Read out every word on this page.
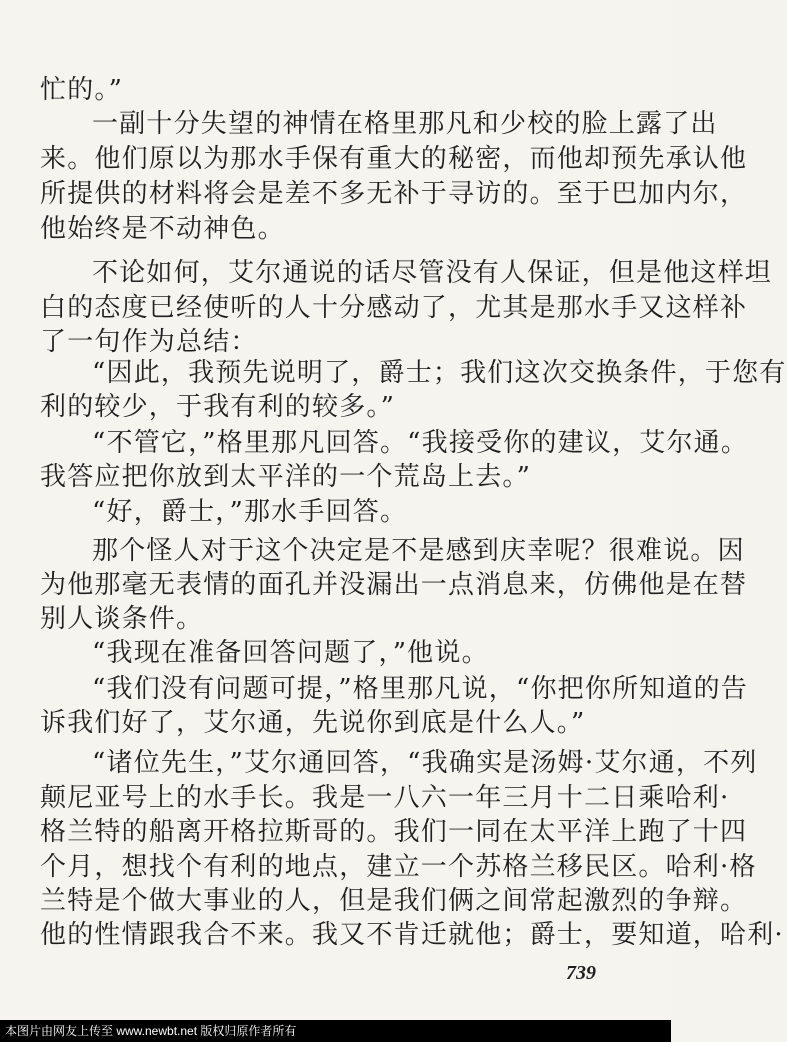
忙的。”
一副十分失望的神情在格里那凡和少校的脸上露了出
来。他们原以为那水手保有重大的秘密，而他却预先承认他
所提供的材料将会是差不多无补于寻访的。至于巴加内尔，
他始终是不动神色。
不论如何，艾尔通说的话尽管没有人保证，但是他这样坦
白的态度已经使听的人十分感动了，尤其是那水手又这样补
了一句作为总结：
“因此，我预先说明了，爵士；我们这次交换条件，于您有
利的较少，于我有利的较多。”
“不管它，”格里那凡回答。“我接受你的建议，艾尔通。
我答应把你放到太平洋的一个荒岛上去。”
“好，爵士，”那水手回答。
那个怪人对于这个决定是不是感到庆幸呢？很难说。因
为他那毫无表情的面孔并没漏出一点消息来，仿佛他是在替
别人谈条件。
“我现在准备回答问题了，”他说。
“我们没有问题可提，”格里那凡说，“你把你所知道的告
诉我们好了，艾尔通，先说你到底是什么人。”
“诸位先生，”艾尔通回答，“我确实是汤姆·艾尔通，不列
颠尼亚号上的水手长。我是一八六一年三月十二日乘哈利·
格兰特的船离开格拉斯哥的。我们一同在太平洋上跑了十四
个月，想找个有利的地点，建立一个苏格兰移民区。哈利·格
兰特是个做大事业的人，但是我们俩之间常起激烈的争辩。
他的性情跟我合不来。我又不肯迁就他；爵士，要知道，哈利·
739
本图片由网友上传至 www.newbt.net 版权归原作者所有
